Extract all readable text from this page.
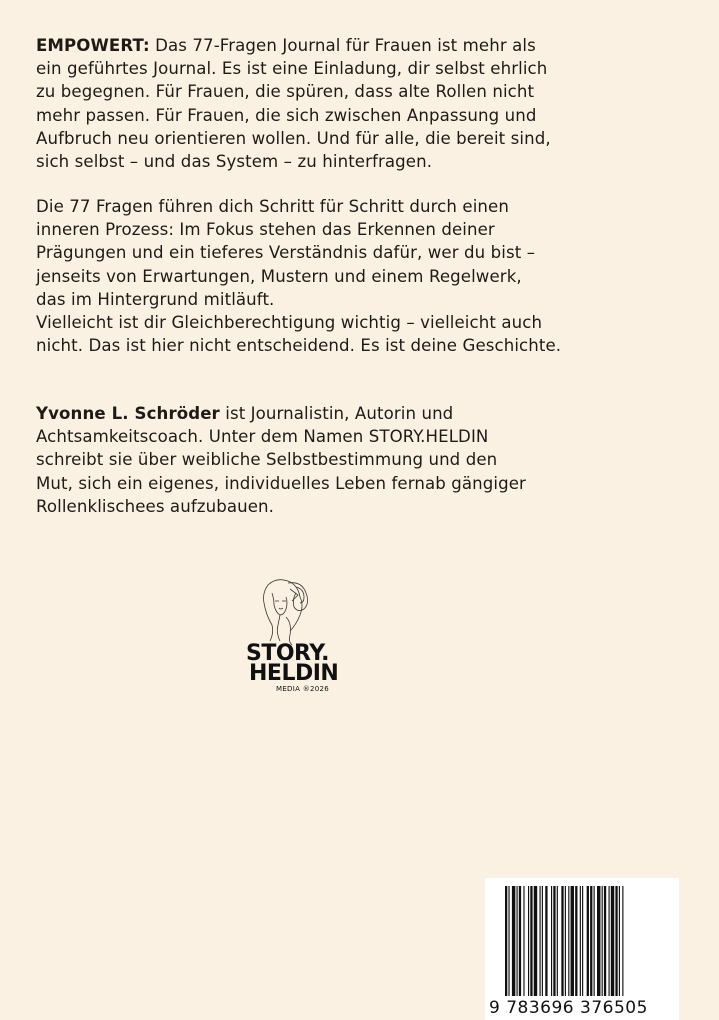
EMPOWERT: Das 77-Fragen Journal für Frauen ist mehr als
ein geführtes Journal. Es ist eine Einladung, dir selbst ehrlich
zu begegnen. Für Frauen, die spüren, dass alte Rollen nicht
mehr passen. Für Frauen, die sich zwischen Anpassung und
Aufbruch neu orientieren wollen. Und für alle, die bereit sind,
sich selbst – und das System – zu hinterfragen.

Die 77 Fragen führen dich Schritt für Schritt durch einen
inneren Prozess: Im Fokus stehen das Erkennen deiner
Prägungen und ein tieferes Verständnis dafür, wer du bist –
jenseits von Erwartungen, Mustern und einem Regelwerk,
das im Hintergrund mitläuft.

Vielleicht ist dir Gleichberechtigung wichtig – vielleicht auch
nicht. Das ist hier nicht entscheidend. Es ist deine Geschichte.

Yvonne L. Schröder ist Journalistin, Autorin und
Achtsamkeitscoach. Unter dem Namen STORY.HELDIN
schreibt sie über weibliche Selbstbestimmung und den
Mut, sich ein eigenes, individuelles Leben fernab gängiger
Rollenklischees aufzubauen.

STORY.
HELDIN
MEDIA ®2026
9 783696 376505
